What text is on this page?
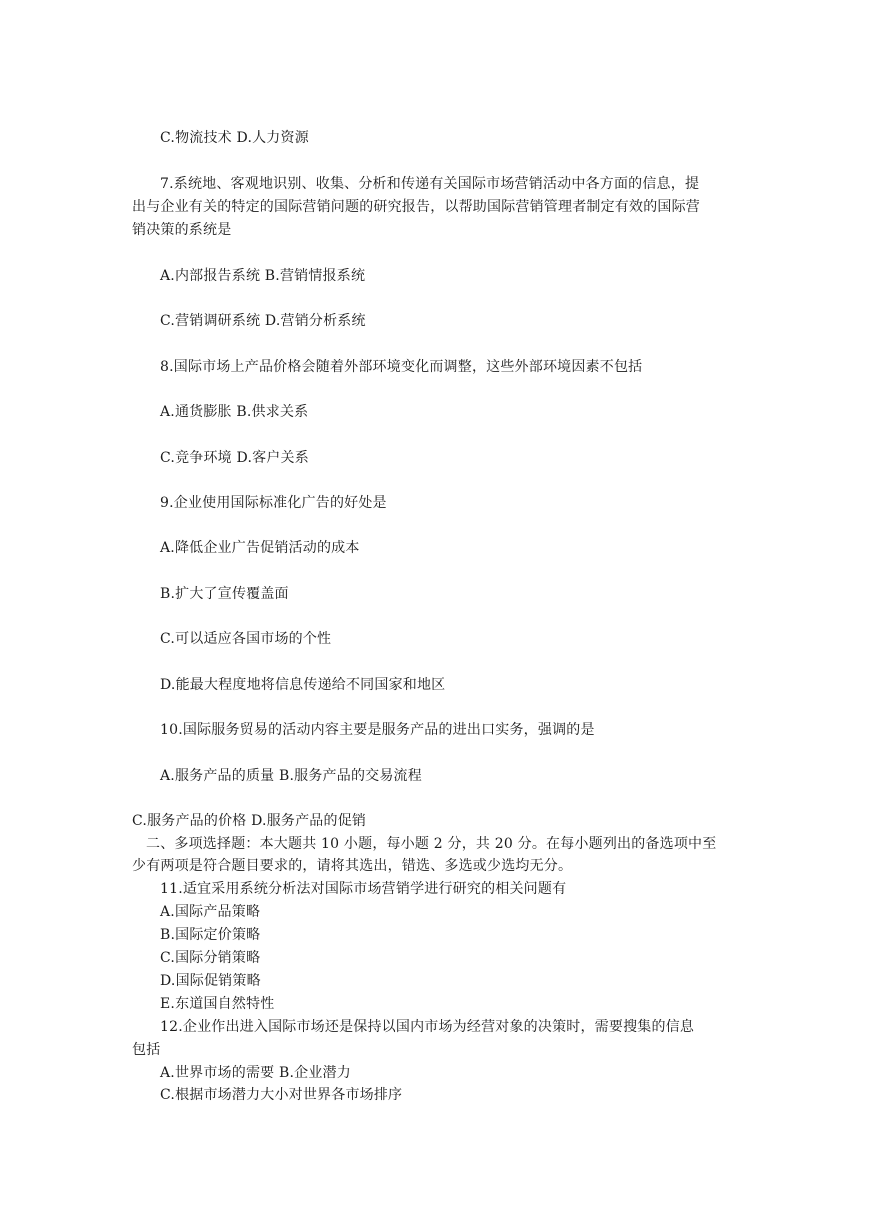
C.物流技术 D.人力资源
7.系统地、客观地识别、收集、分析和传递有关国际市场营销活动中各方面的信息，提
出与企业有关的特定的国际营销问题的研究报告，以帮助国际营销管理者制定有效的国际营
销决策的系统是
A.内部报告系统 B.营销情报系统
C.营销调研系统 D.营销分析系统
8.国际市场上产品价格会随着外部环境变化而调整，这些外部环境因素不包括
A.通货膨胀 B.供求关系
C.竞争环境 D.客户关系
9.企业使用国际标准化广告的好处是
A.降低企业广告促销活动的成本
B.扩大了宣传覆盖面
C.可以适应各国市场的个性
D.能最大程度地将信息传递给不同国家和地区
10.国际服务贸易的活动内容主要是服务产品的进出口实务，强调的是
A.服务产品的质量 B.服务产品的交易流程
C.服务产品的价格 D.服务产品的促销
二、多项选择题：本大题共 10 小题，每小题 2 分，共 20 分。在每小题列出的备选项中至
少有两项是符合题目要求的，请将其选出，错选、多选或少选均无分。
11.适宜采用系统分析法对国际市场营销学进行研究的相关问题有
A.国际产品策略
B.国际定价策略
C.国际分销策略
D.国际促销策略
E.东道国自然特性
12.企业作出进入国际市场还是保持以国内市场为经营对象的决策时，需要搜集的信息
包括
A.世界市场的需要 B.企业潜力
C.根据市场潜力大小对世界各市场排序
